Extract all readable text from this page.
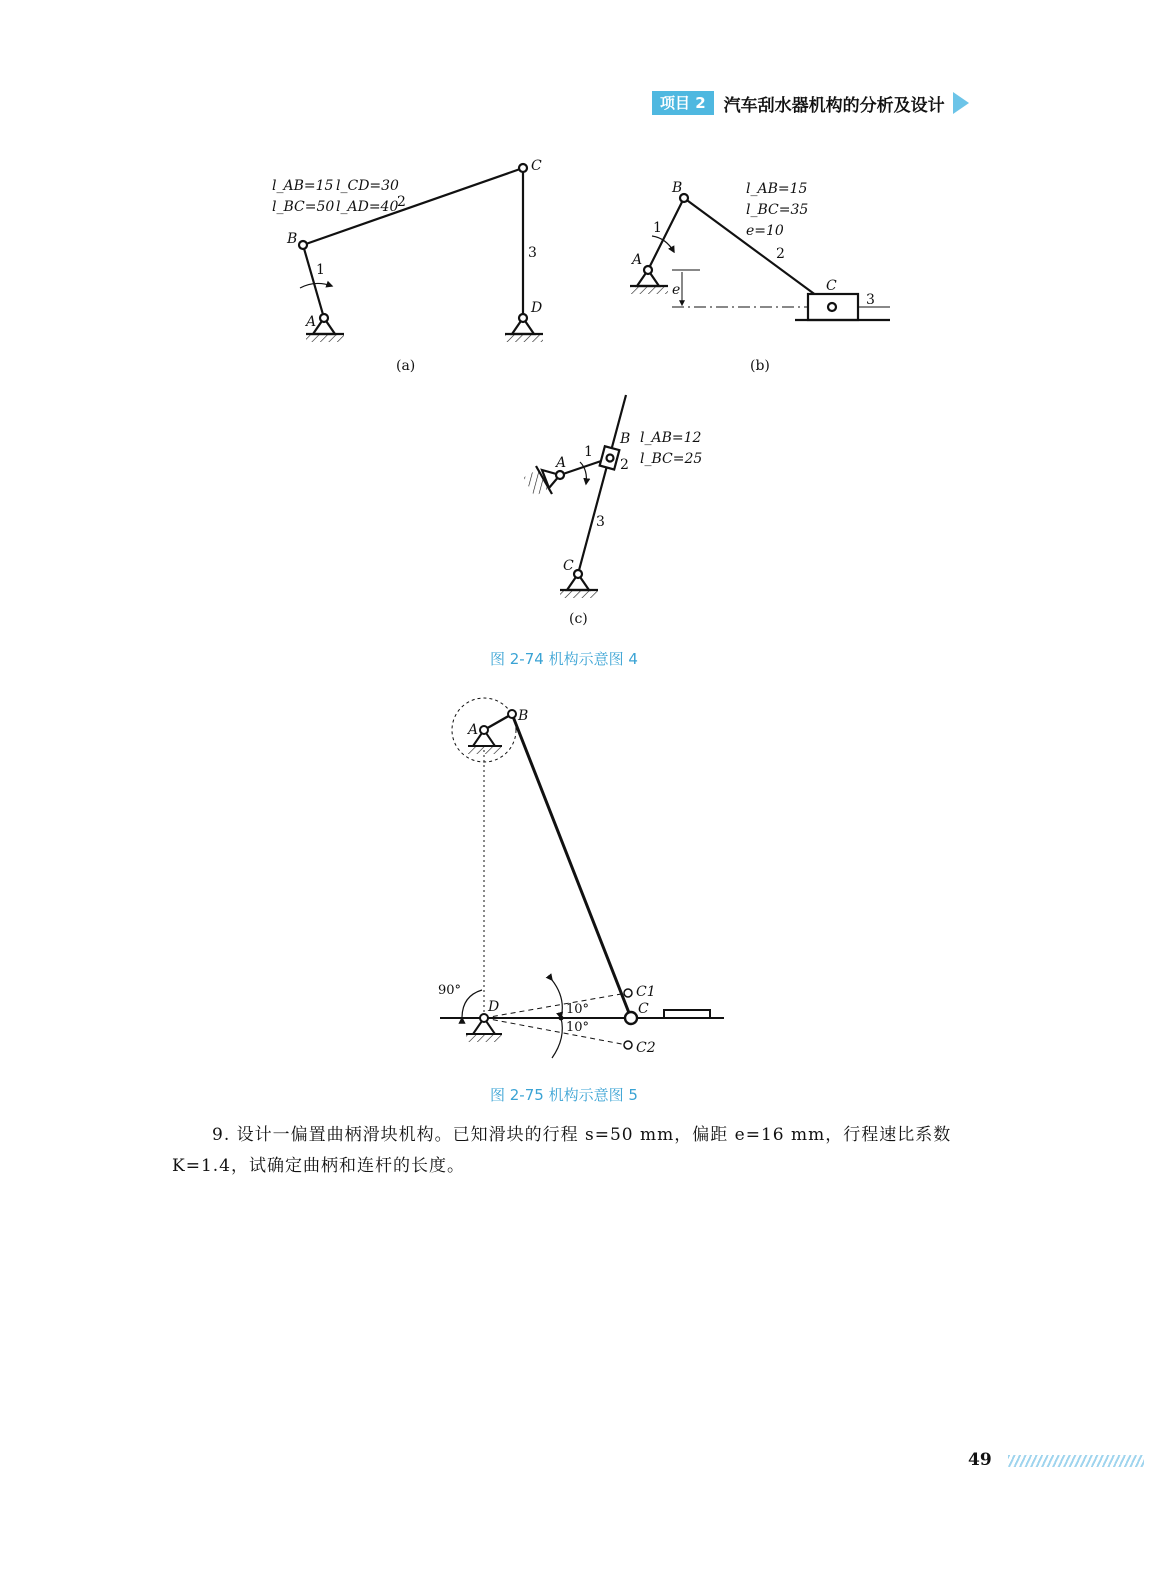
项目 2	汽车刮水器机构的分析及设计
l_AB=15 l_CD=30
l_BC=50 l_AD=40
A
B
C
D
1
2
3
(a)
l_AB=15
l_BC=35
e=10
A
B
C
1
2
3
e
(b)
l_AB=12
l_BC=25
A
B
C
1
2
3
(c)
A
B
C
C1
C2
D
90°
10°
10°
图 2-74 机构示意图 4
图 2-75 机构示意图 5

9. 设计一偏置曲柄滑块机构。已知滑块的行程 s=50 mm，偏距 e=16 mm，行程速比系数 K=1.4，试确定曲柄和连杆的长度。

49
